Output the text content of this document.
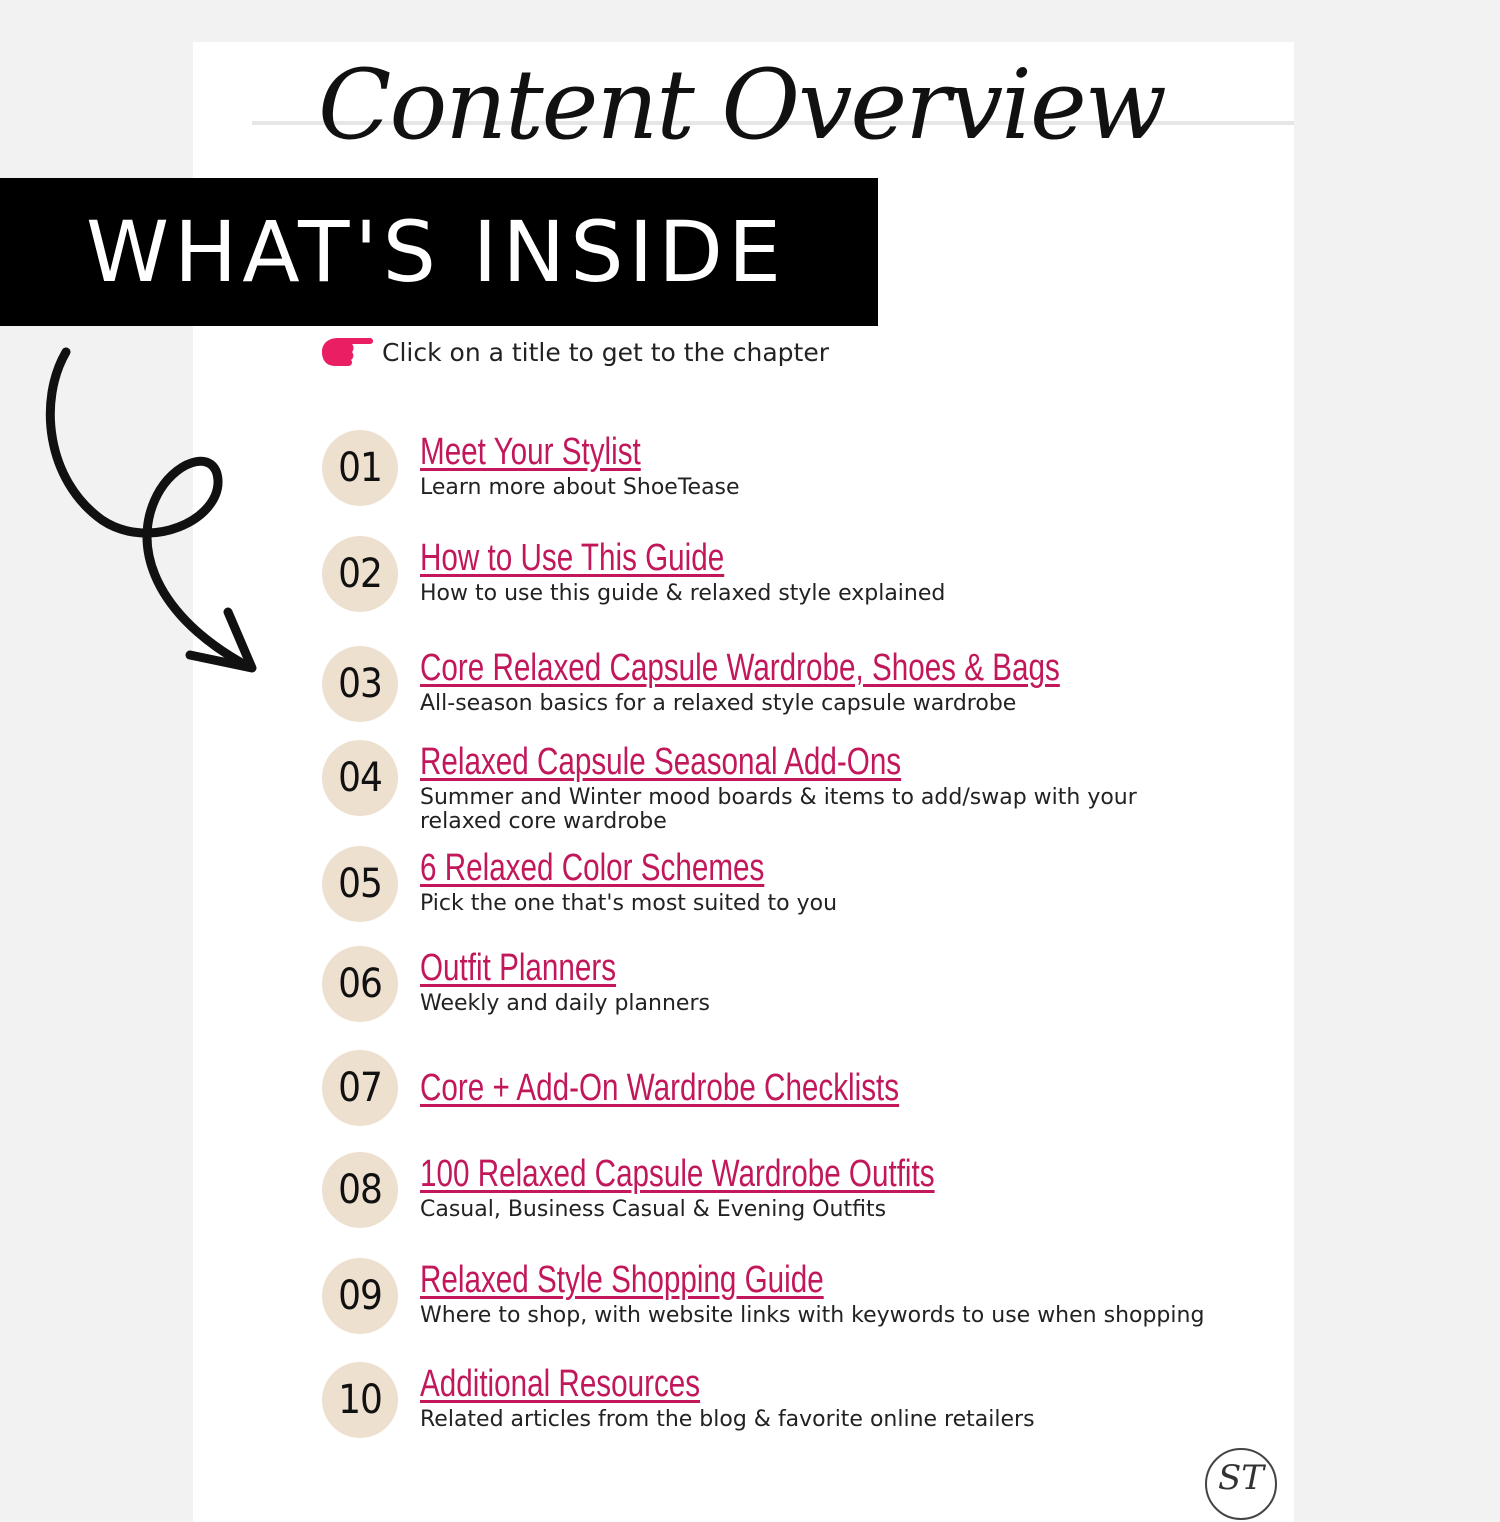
Content Overview
WHAT'S INSIDE
Click on a title to get to the chapter
01	Meet Your Stylist
Learn more about ShoeTease
02	How to Use This Guide
How to use this guide & relaxed style explained
03	Core Relaxed Capsule Wardrobe, Shoes & Bags
All-season basics for a relaxed style capsule wardrobe
04	Relaxed Capsule Seasonal Add-Ons
Summer and Winter mood boards & items to add/swap with your relaxed core wardrobe
05	6 Relaxed Color Schemes
Pick the one that's most suited to you
06	Outfit Planners
Weekly and daily planners
07	Core + Add-On Wardrobe Checklists
08	100 Relaxed Capsule Wardrobe Outfits
Casual, Business Casual & Evening Outfits
09	Relaxed Style Shopping Guide
Where to shop, with website links with keywords to use when shopping
10	Additional Resources
Related articles from the blog & favorite online retailers
ST
